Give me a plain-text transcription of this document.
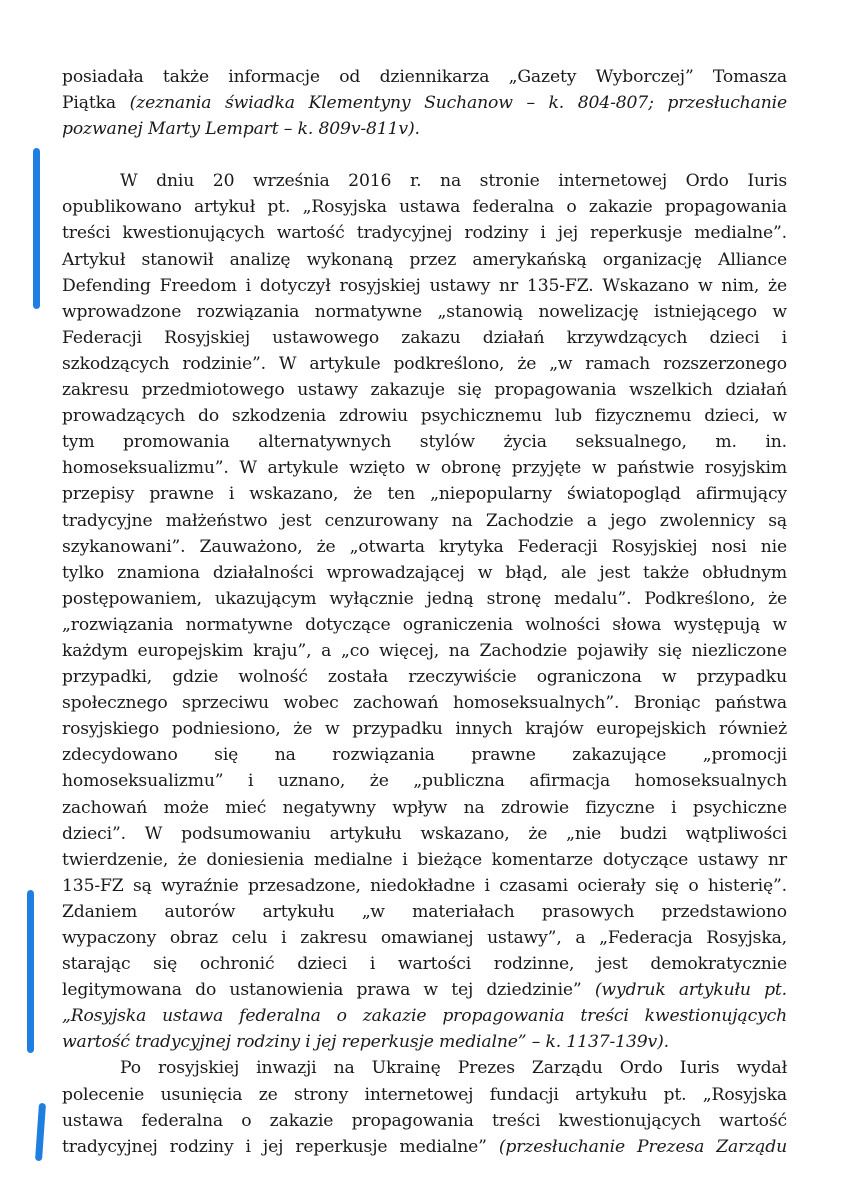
posiadała także informacje od dziennikarza „Gazety Wyborczej” Tomasza
Piątka (zeznania świadka Klementyny Suchanow – k. 804-807; przesłuchanie
pozwanej Marty Lempart – k. 809v-811v).
W dniu 20 września 2016 r. na stronie internetowej Ordo Iuris
opublikowano artykuł pt. „Rosyjska ustawa federalna o zakazie propagowania
treści kwestionujących wartość tradycyjnej rodziny i jej reperkusje medialne”.
Artykuł stanowił analizę wykonaną przez amerykańską organizację Alliance
Defending Freedom i dotyczył rosyjskiej ustawy nr 135-FZ. Wskazano w nim, że
wprowadzone rozwiązania normatywne „stanowią nowelizację istniejącego w
Federacji Rosyjskiej ustawowego zakazu działań krzywdzących dzieci i
szkodzących rodzinie”. W artykule podkreślono, że „w ramach rozszerzonego
zakresu przedmiotowego ustawy zakazuje się propagowania wszelkich działań
prowadzących do szkodzenia zdrowiu psychicznemu lub fizycznemu dzieci, w
tym promowania alternatywnych stylów życia seksualnego, m. in.
homoseksualizmu”. W artykule wzięto w obronę przyjęte w państwie rosyjskim
przepisy prawne i wskazano, że ten „niepopularny światopogląd afirmujący
tradycyjne małżeństwo jest cenzurowany na Zachodzie a jego zwolennicy są
szykanowani”. Zauważono, że „otwarta krytyka Federacji Rosyjskiej nosi nie
tylko znamiona działalności wprowadzającej w błąd, ale jest także obłudnym
postępowaniem, ukazującym wyłącznie jedną stronę medalu”. Podkreślono, że
„rozwiązania normatywne dotyczące ograniczenia wolności słowa występują w
każdym europejskim kraju”, a „co więcej, na Zachodzie pojawiły się niezliczone
przypadki, gdzie wolność została rzeczywiście ograniczona w przypadku
społecznego sprzeciwu wobec zachowań homoseksualnych”. Broniąc państwa
rosyjskiego podniesiono, że w przypadku innych krajów europejskich również
zdecydowano się na rozwiązania prawne zakazujące „promocji
homoseksualizmu” i uznano, że „publiczna afirmacja homoseksualnych
zachowań może mieć negatywny wpływ na zdrowie fizyczne i psychiczne
dzieci”. W podsumowaniu artykułu wskazano, że „nie budzi wątpliwości
twierdzenie, że doniesienia medialne i bieżące komentarze dotyczące ustawy nr
135-FZ są wyraźnie przesadzone, niedokładne i czasami ocierały się o histerię”.
Zdaniem autorów artykułu „w materiałach prasowych przedstawiono
wypaczony obraz celu i zakresu omawianej ustawy”, a „Federacja Rosyjska,
starając się ochronić dzieci i wartości rodzinne, jest demokratycznie
legitymowana do ustanowienia prawa w tej dziedzinie” (wydruk artykułu pt.
„Rosyjska ustawa federalna o zakazie propagowania treści kwestionujących
wartość tradycyjnej rodziny i jej reperkusje medialne” – k. 1137-139v).
Po rosyjskiej inwazji na Ukrainę Prezes Zarządu Ordo Iuris wydał
polecenie usunięcia ze strony internetowej fundacji artykułu pt. „Rosyjska
ustawa federalna o zakazie propagowania treści kwestionujących wartość
tradycyjnej rodziny i jej reperkusje medialne” (przesłuchanie Prezesa Zarządu
